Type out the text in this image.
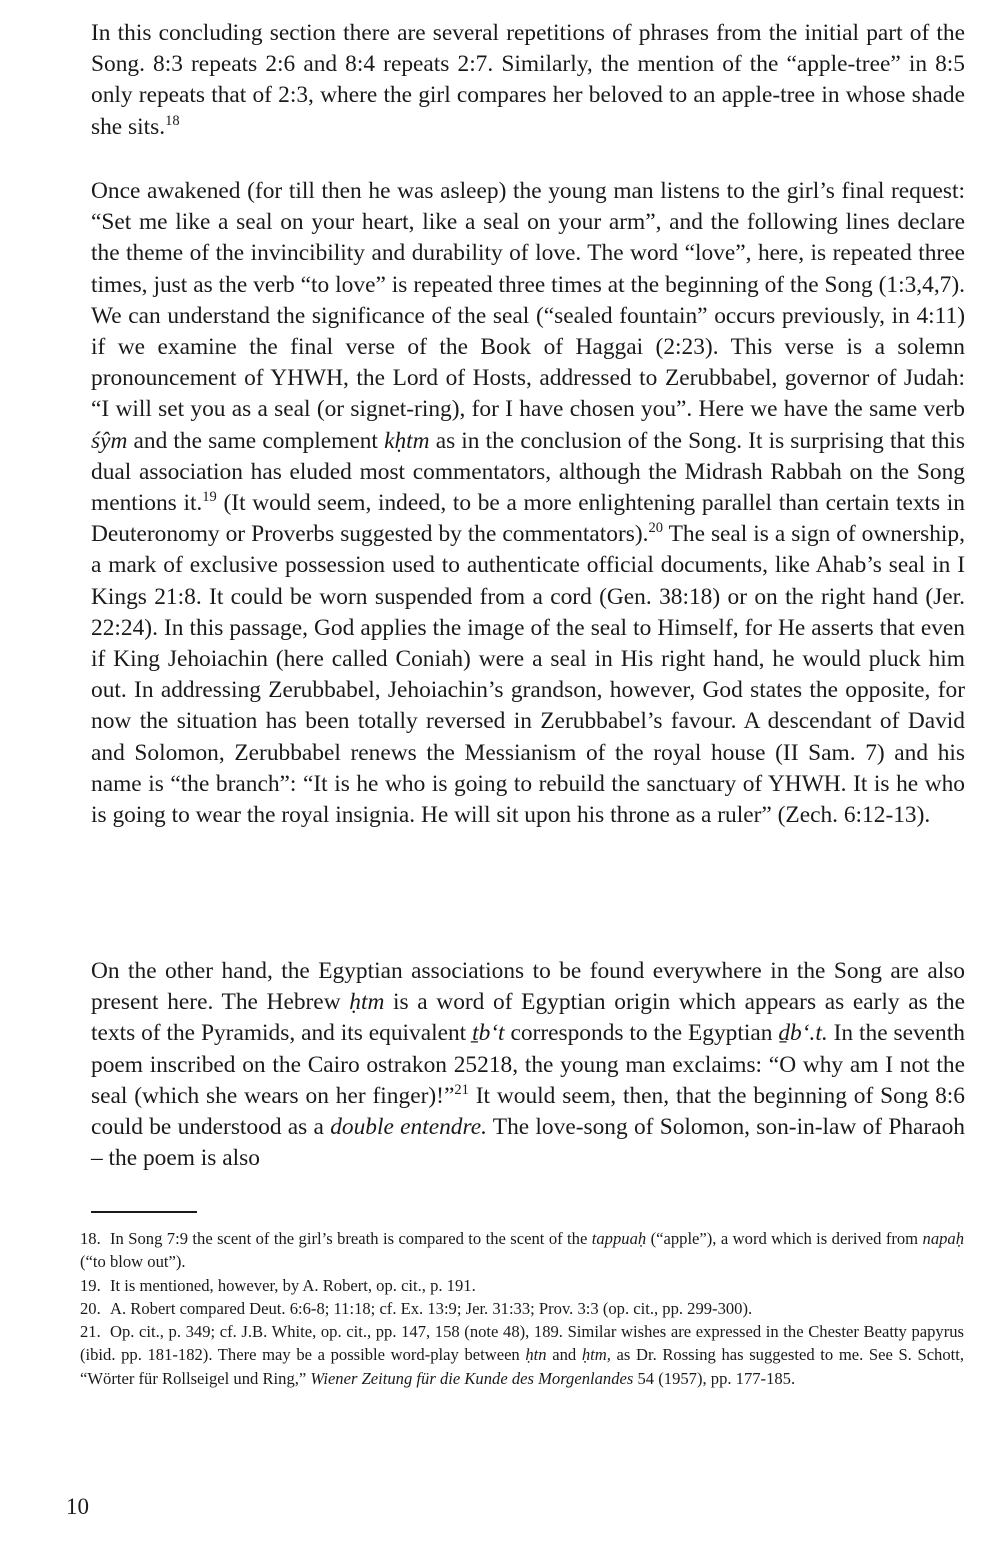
In this concluding section there are several repetitions of phrases from the initial part of the Song. 8:3 repeats 2:6 and 8:4 repeats 2:7. Similarly, the mention of the “apple-tree” in 8:5 only repeats that of 2:3, where the girl compares her beloved to an apple-tree in whose shade she sits.$^{18}$

Once awakened (for till then he was asleep) the young man listens to the girl’s final request: “Set me like a seal on your heart, like a seal on your arm”, and the following lines declare the theme of the invincibility and durability of love. The word “love”, here, is repeated three times, just as the verb “to love” is repeated three times at the beginning of the Song (1:3,4,7). We can understand the significance of the seal (“sealed fountain” occurs previously, in 4:11) if we examine the final verse of the Book of Haggai (2:23). This verse is a solemn pronouncement of YHWH, the Lord of Hosts, addressed to Zerubbabel, governor of Judah: “I will set you as a seal (or signet-ring), for I have chosen you”. Here we have the same verb śŷm and the same complement kḥtm as in the conclusion of the Song. It is surprising that this dual association has eluded most commentators, although the Midrash Rabbah on the Song mentions it.$^{19}$ (It would seem, indeed, to be a more enlightening parallel than certain texts in Deuteronomy or Proverbs suggested by the commentators).$^{20}$ The seal is a sign of ownership, a mark of exclusive possession used to authenticate official documents, like Ahab’s seal in I Kings 21:8. It could be worn suspended from a cord (Gen. 38:18) or on the right hand (Jer. 22:24). In this passage, God applies the image of the seal to Himself, for He asserts that even if King Jehoiachin (here called Coniah) were a seal in His right hand, he would pluck him out. In addressing Zerubbabel, Jehoiachin’s grandson, however, God states the opposite, for now the situation has been totally reversed in Zerubbabel’s favour. A descendant of David and Solomon, Zerubbabel renews the Messianism of the royal house (II Sam. 7) and his name is “the branch”: “It is he who is going to rebuild the sanctuary of YHWH. It is he who is going to wear the royal insignia. He will sit upon his throne as a ruler” (Zech. 6:12-13).

On the other hand, the Egyptian associations to be found everywhere in the Song are also present here. The Hebrew ḥtm is a word of Egyptian origin which appears as early as the texts of the Pyramids, and its equivalent ṯb‘t corresponds to the Egyptian ḏb‘.t. In the seventh poem inscribed on the Cairo ostrakon 25218, the young man exclaims: “O why am I not the seal (which she wears on her finger)!”$^{21}$ It would seem, then, that the beginning of Song 8:6 could be understood as a double entendre. The love-song of Solomon, son-in-law of Pharaoh – the poem is also

18. In Song 7:9 the scent of the girl’s breath is compared to the scent of the tappuaḥ (“apple”), a word which is derived from napaḥ (“to blow out”).

19. It is mentioned, however, by A. Robert, op. cit., p. 191.

20. A. Robert compared Deut. 6:6-8; 11:18; cf. Ex. 13:9; Jer. 31:33; Prov. 3:3 (op. cit., pp. 299-300).

21. Op. cit., p. 349; cf. J.B. White, op. cit., pp. 147, 158 (note 48), 189. Similar wishes are expressed in the Chester Beatty papyrus (ibid. pp. 181-182). There may be a possible word-play between ḥtn and ḥtm, as Dr. Rossing has suggested to me. See S. Schott, “Wörter für Rollseigel und Ring,” Wiener Zeitung für die Kunde des Morgenlandes 54 (1957), pp. 177-185.

10
